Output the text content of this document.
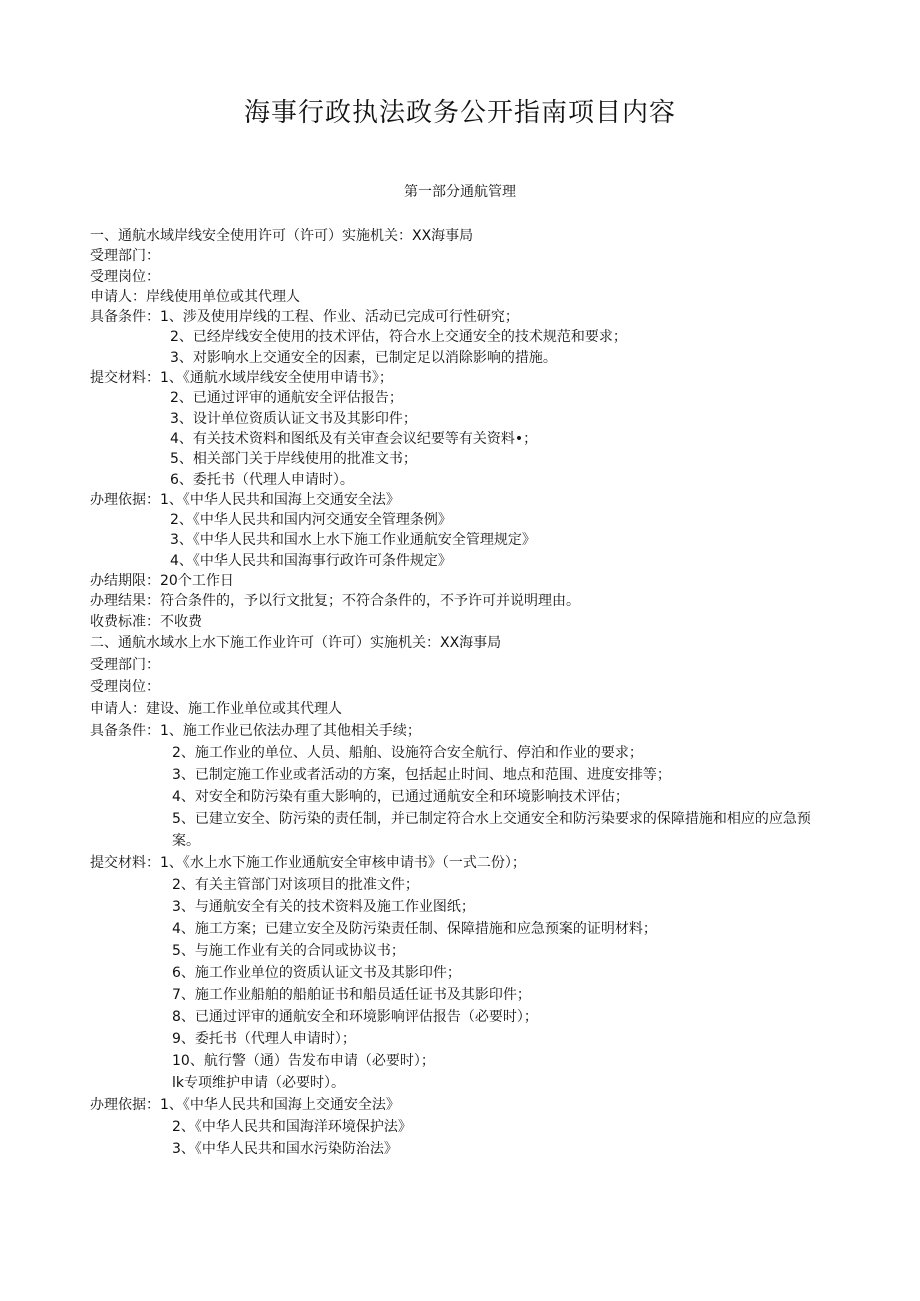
海事行政执法政务公开指南项目内容
第一部分通航管理
一、通航水域岸线安全使用许可（许可）实施机关：XX海事局
受理部门：
受理岗位：
申请人：岸线使用单位或其代理人
具备条件：1、涉及使用岸线的工程、作业、活动已完成可行性研究；
2、已经岸线安全使用的技术评估，符合水上交通安全的技术规范和要求；
3、对影响水上交通安全的因素，已制定足以消除影响的措施。
提交材料：1、《通航水域岸线安全使用申请书》；
2、已通过评审的通航安全评估报告；
3、设计单位资质认证文书及其影印件；
4、有关技术资料和图纸及有关审查会议纪要等有关资料•；
5、相关部门关于岸线使用的批准文书；
6、委托书（代理人申请时）。
办理依据：1、《中华人民共和国海上交通安全法》
2、《中华人民共和国内河交通安全管理条例》
3、《中华人民共和国水上水下施工作业通航安全管理规定》
4、《中华人民共和国海事行政许可条件规定》
办结期限：20个工作日
办理结果：符合条件的，予以行文批复；不符合条件的，不予许可并说明理由。
收费标准：不收费
二、通航水域水上水下施工作业许可（许可）实施机关：XX海事局
受理部门：
受理岗位：
申请人：建设、施工作业单位或其代理人
具备条件：1、施工作业已依法办理了其他相关手续；
2、施工作业的单位、人员、船舶、设施符合安全航行、停泊和作业的要求；
3、已制定施工作业或者活动的方案，包括起止时间、地点和范围、进度安排等；
4、对安全和防污染有重大影响的，已通过通航安全和环境影响技术评估；
5、已建立安全、防污染的责任制，并已制定符合水上交通安全和防污染要求的保障措施和相应的应急预案。
提交材料：1、《水上水下施工作业通航安全审核申请书》（一式二份）；
2、有关主管部门对该项目的批准文件；
3、与通航安全有关的技术资料及施工作业图纸；
4、施工方案；已建立安全及防污染责任制、保障措施和应急预案的证明材料；
5、与施工作业有关的合同或协议书；
6、施工作业单位的资质认证文书及其影印件；
7、施工作业船舶的船舶证书和船员适任证书及其影印件；
8、已通过评审的通航安全和环境影响评估报告（必要时）；
9、委托书（代理人申请时）；
10、航行警（通）告发布申请（必要时）；
lk专项维护申请（必要时）。
办理依据：1、《中华人民共和国海上交通安全法》
2、《中华人民共和国海洋环境保护法》
3、《中华人民共和国水污染防治法》
